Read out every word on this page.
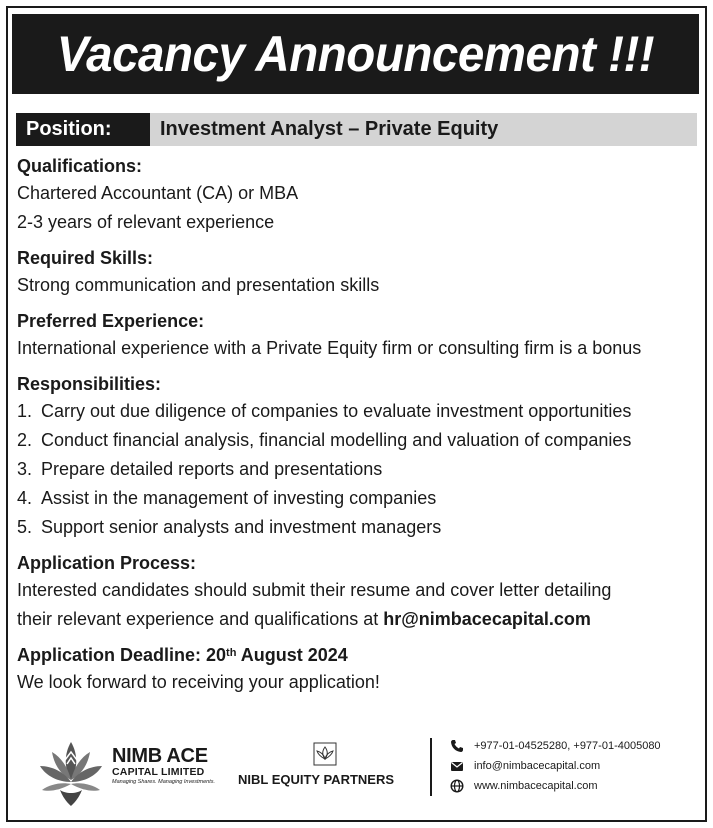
Vacancy Announcement !!!
Position:	Investment Analyst – Private Equity
Qualifications:
Chartered Accountant (CA) or MBA
2-3 years of relevant experience
Required Skills:
Strong communication and presentation skills
Preferred Experience:
International experience with a Private Equity firm or consulting firm is a bonus
Responsibilities:
1. Carry out due diligence of companies to evaluate investment opportunities
2. Conduct financial analysis, financial modelling and valuation of companies
3. Prepare detailed reports and presentations
4. Assist in the management of investing companies
5. Support senior analysts and investment managers
Application Process:
Interested candidates should submit their resume and cover letter detailing
their relevant experience and qualifications at hr@nimbacecapital.com
Application Deadline: 20th August 2024
We look forward to receiving your application!
NIMB ACE
CAPITAL LIMITED
Managing Shares. Managing Investments. NIBL EQUITY PARTNERS
+977-01-04525280, +977-01-4005080
info@nimbacecapital.com
www.nimbacecapital.com
